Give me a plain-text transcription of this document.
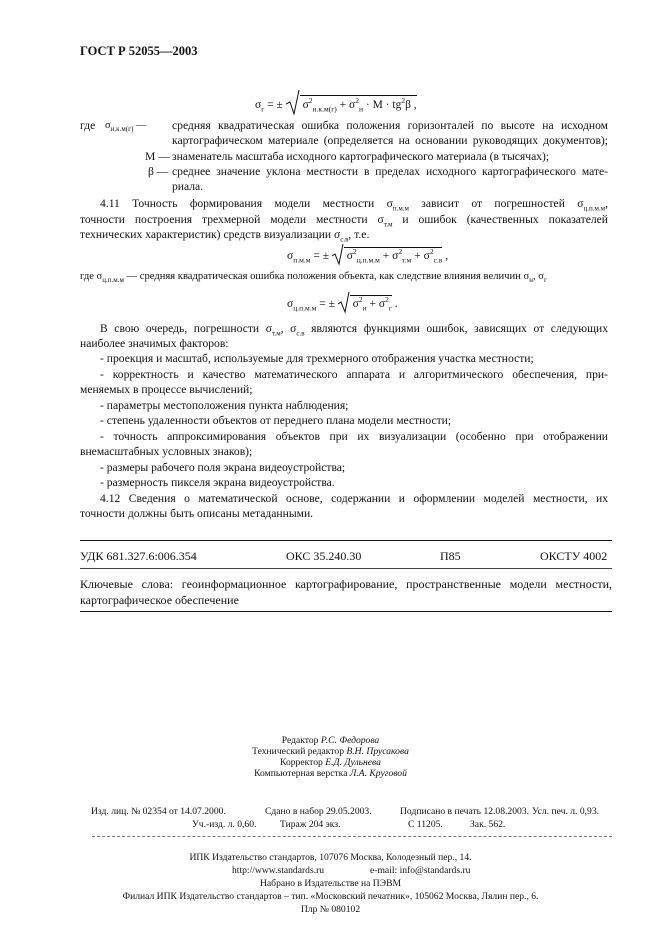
ГОСТ Р 52055—2003
$\sigma_г$ = ± $\sigma^2_{и.к.м(г)} + \sigma^2_н \cdot M \cdot tg^2\beta$ ,
где $\sigma_{и.к.м(г)}$ — средняя квадратическая ошибка положения горизонталей по высоте на исходном
картографическом материале (определяется на основании руководящих документов);
M — знаменатель масштаба исходного картографического материала (в тысячах);
β — среднее значение уклона местности в пределах исходного картографического мате-
риала.
4.11 Точность формирования модели местности $\sigma_{п.м.м}$ зависит от погрешностей $\sigma_{ц.п.м.м}$,
точности построения трехмерной модели местности $\sigma_{т.м}$ и ошибок (качественных показателей
технических характеристик) средств визуализации $\sigma_{с.в}$, т.е.
$\sigma_{п.м.м}$ = ± $\sigma^2_{ц.п.м.м} + \sigma^2_{т.м} + \sigma^2_{с.в}$ ,
где $\sigma_{ц.п.м.м}$ — средняя квадратическая ошибка положения объекта, как следствие влияния величин $\sigma_н$, $\sigma_г$
$\sigma_{ц.п.м.м}$ = ± $\sigma^2_н + \sigma^2_г$ .
В свою очередь, погрешности $\sigma_{т.м}$, $\sigma_{с.в}$ являются функциями ошибок, зависящих от следующих
наиболее значимых факторов:
- проекция и масштаб, используемые для трехмерного отображения участка местности;
- корректность и качество математического аппарата и алгоритмического обеспечения, при-
меняемых в процессе вычислений;
- параметры местоположения пункта наблюдения;
- степень удаленности объектов от переднего плана модели местности;
- точность аппроксимирования объектов при их визуализации (особенно при отображении
внемасштабных условных знаков);
- размеры рабочего поля экрана видеоустройства;
- размерность пикселя экрана видеоустройства.
4.12 Сведения о математической основе, содержании и оформлении моделей местности, их
точности должны быть описаны метаданными.
УДК 681.327.6:006.354	ОКС 35.240.30	П85	ОКСТУ 4002
Ключевые слова: геоинформационное картографирование, пространственные модели местности,
картографическое обеспечение
Редактор Р.С. Федорова
Технический редактор В.Н. Прусакова
Корректор Е.Д. Дульнева
Компьютерная верстка Л.А. Круговой
Изд. лиц. № 02354 от 14.07.2000.	Сдано в набор 29.05.2003.	Подписано в печать 12.08.2003. Усл. печ. л. 0,93.
Уч.-изд. л. 0,60. Тираж 204 экз.	С 11205.	Зак. 562.
ИПК Издательство стандартов, 107076 Москва, Колодезный пер., 14.
http://www.standards.ru	e-mail: info@standards.ru
Набрано в Издательстве на ПЭВМ
Филиал ИПК Издательство стандартов – тип. «Московский печатник», 105062 Москва, Лялин пер., 6.
Плр № 080102
